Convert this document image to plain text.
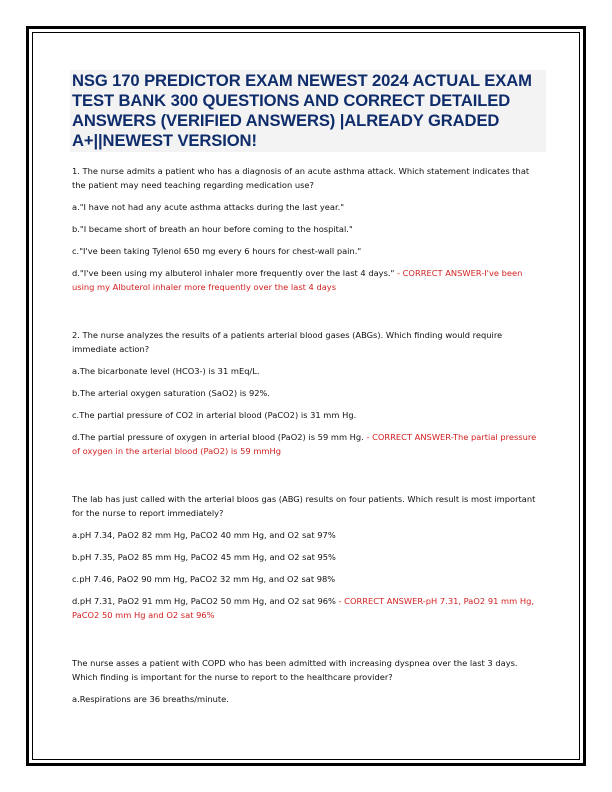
NSG 170 PREDICTOR EXAM NEWEST 2024 ACTUAL EXAM TEST BANK 300 QUESTIONS AND CORRECT DETAILED ANSWERS (VERIFIED ANSWERS) |ALREADY GRADED A+||NEWEST VERSION!

1. The nurse admits a patient who has a diagnosis of an acute asthma attack. Which statement indicates that the patient may need teaching regarding medication use?

a."I have not had any acute asthma attacks during the last year."

b."I became short of breath an hour before coming to the hospital."

c."I've been taking Tylenol 650 mg every 6 hours for chest-wall pain."

d."I've been using my albuterol inhaler more frequently over the last 4 days." - CORRECT ANSWER-I've been using my Albuterol inhaler more frequently over the last 4 days

2. The nurse analyzes the results of a patients arterial blood gases (ABGs). Which finding would require immediate action?

a.The bicarbonate level (HCO3-) is 31 mEq/L.

b.The arterial oxygen saturation (SaO2) is 92%.

c.The partial pressure of CO2 in arterial blood (PaCO2) is 31 mm Hg.

d.The partial pressure of oxygen in arterial blood (PaO2) is 59 mm Hg. - CORRECT ANSWER-The partial pressure of oxygen in the arterial blood (PaO2) is 59 mmHg

The lab has just called with the arterial bloos gas (ABG) results on four patients. Which result is most important for the nurse to report immediately?

a.pH 7.34, PaO2 82 mm Hg, PaCO2 40 mm Hg, and O2 sat 97%

b.pH 7.35, PaO2 85 mm Hg, PaCO2 45 mm Hg, and O2 sat 95%

c.pH 7.46, PaO2 90 mm Hg, PaCO2 32 mm Hg, and O2 sat 98%

d.pH 7.31, PaO2 91 mm Hg, PaCO2 50 mm Hg, and O2 sat 96% - CORRECT ANSWER-pH 7.31, PaO2 91 mm Hg, PaCO2 50 mm Hg and O2 sat 96%

The nurse asses a patient with COPD who has been admitted with increasing dyspnea over the last 3 days. Which finding is important for the nurse to report to the healthcare provider?

a.Respirations are 36 breaths/minute.
